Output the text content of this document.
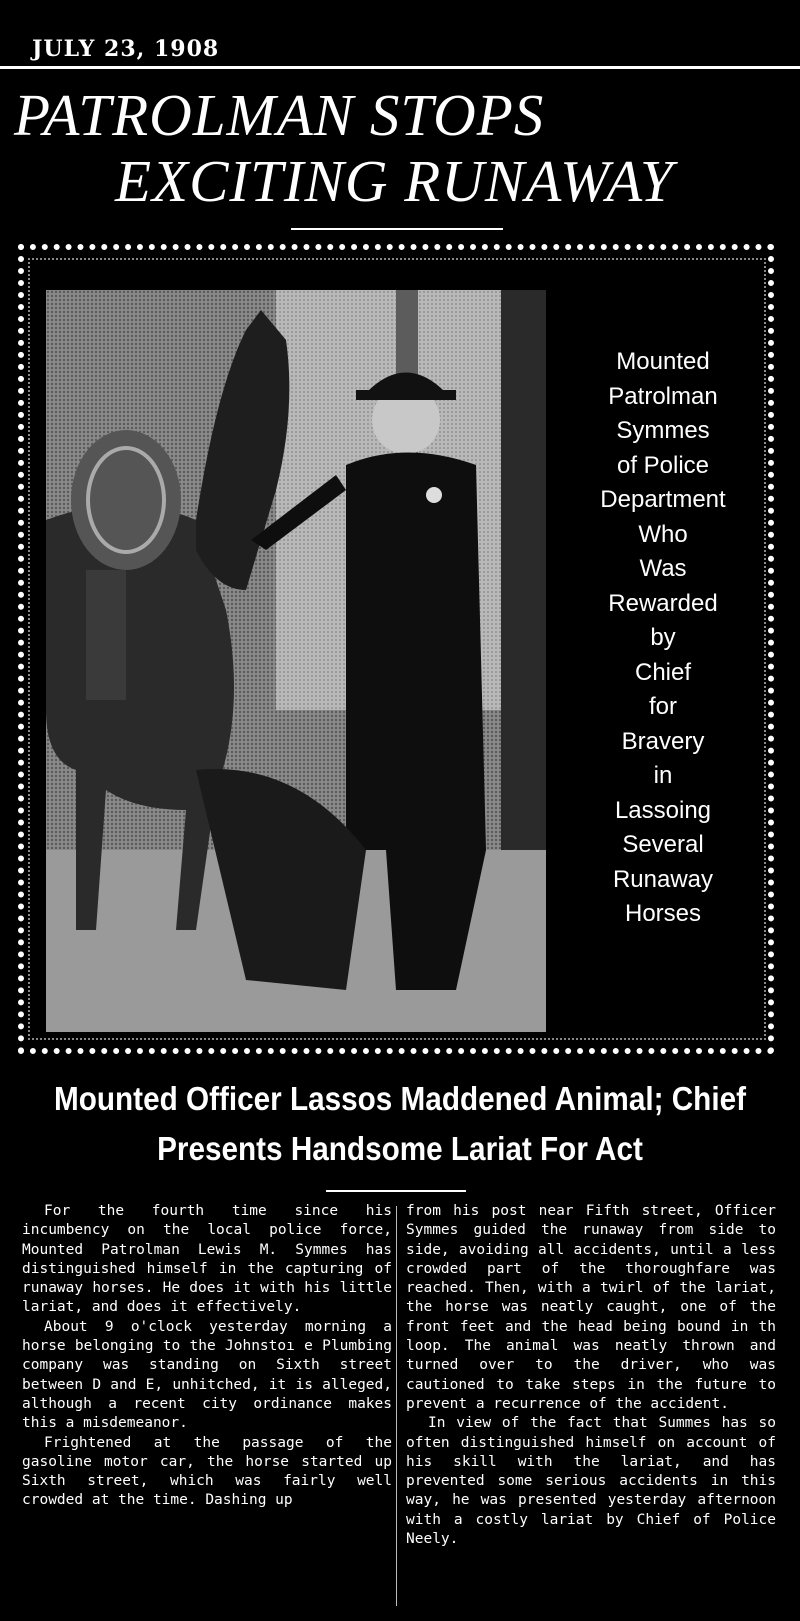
JULY 23, 1908
PATROLMAN STOPS
EXCITING RUNAWAY
Mounted
Patrolman
Symmes
of Police
Department
Who
Was
Rewarded
by
Chief
for
Bravery
in
Lassoing
Several
Runaway
Horses
Mounted Officer Lassos Maddened Animal; Chief
Presents Handsome Lariat For Act

For the fourth time since his incumbency on the local police force, Mounted Patrolman Lewis M. Symmes has distinguished himself in the capturing of runaway horses. He does it with his little lariat, and does it effectively.

About 9 o'clock yesterday morning a horse belonging to the Johnstoı e Plumbing company was standing on Sixth street between D and E, unhitched, it is alleged, although a recent city ordinance makes this a misdemeanor.

Frightened at the passage of the gasoline motor car, the horse started up Sixth street, which was fairly well crowded at the time. Dashing up

from his post near Fifth street, Officer Symmes guided the runaway from side to side, avoiding all accidents, until a less crowded part of the thoroughfare was reached. Then, with a twirl of the lariat, the horse was neatly caught, one of the front feet and the head being bound in th loop. The animal was neatly thrown and turned over to the driver, who was cautioned to take steps in the future to prevent a recurrence of the accident.

In view of the fact that Summes has so often distinguished himself on account of his skill with the lariat, and has prevented some serious accidents in this way, he was presented yesterday afternoon with a costly lariat by Chief of Police Neely.
